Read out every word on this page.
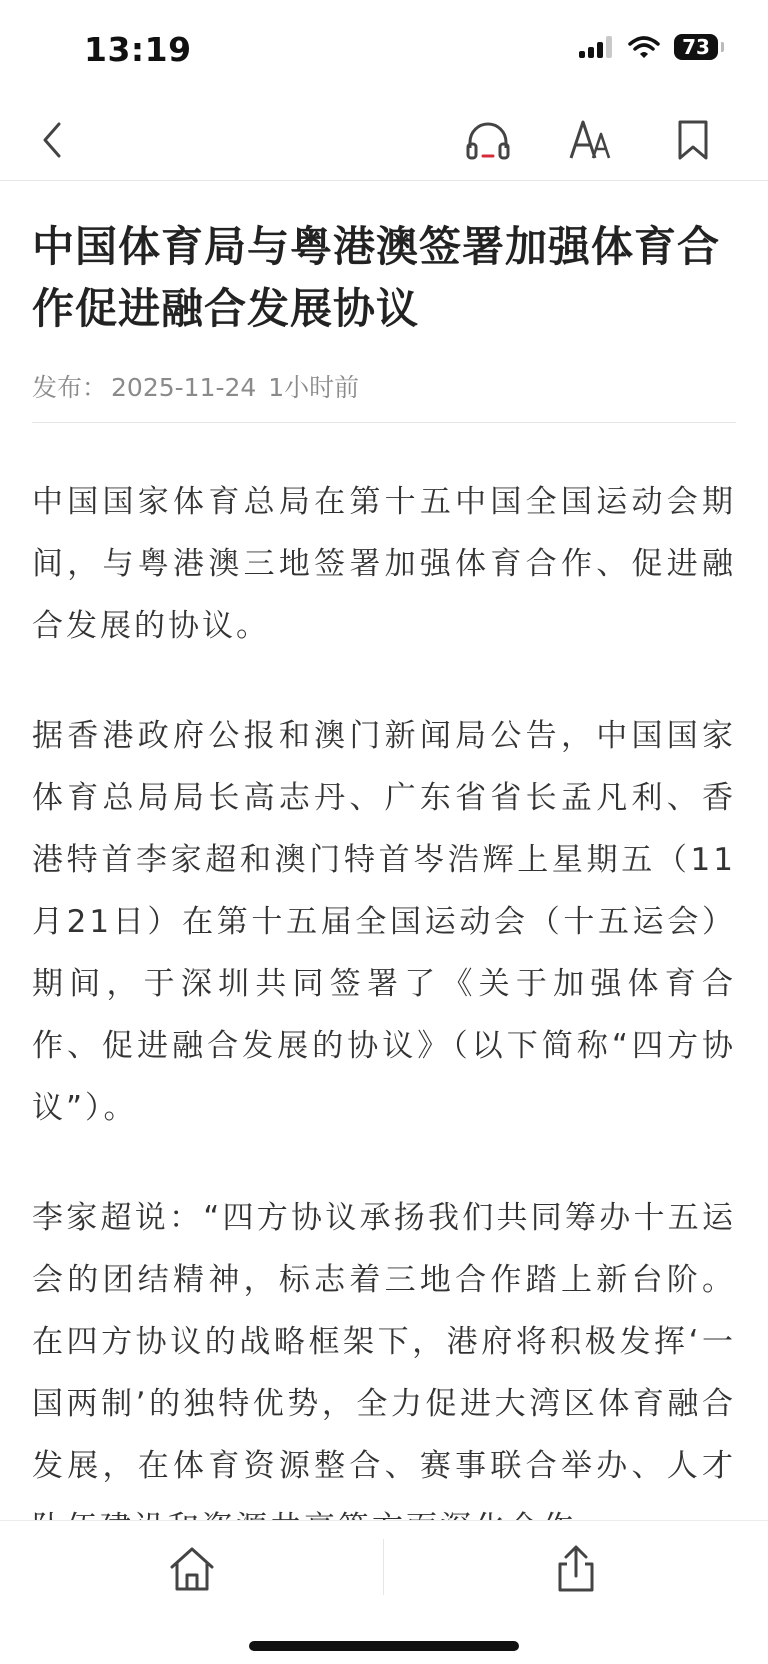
13:19	73
中国体育局与粤港澳签署加强体育合作促进融合发展协议
发布： 2025-11-24 1小时前

中国国家体育总局在第十五中国全国运动会期间，与粤港澳三地签署加强体育合作、促进融合发展的协议。

据香港政府公报和澳门新闻局公告，中国国家体育总局局长高志丹、广东省省长孟凡利、香港特首李家超和澳门特首岑浩辉上星期五（11月21日）在第十五届全国运动会（十五运会）期间，于深圳共同签署了《关于加强体育合作、促进融合发展的协议》（以下简称“四方协议”）。

李家超说：“四方协议承扬我们共同筹办十五运会的团结精神，标志着三地合作踏上新台阶。在四方协议的战略框架下，港府将积极发挥‘一国两制’的独特优势，全力促进大湾区体育融合发展，在体育资源整合、赛事联合举办、人才
